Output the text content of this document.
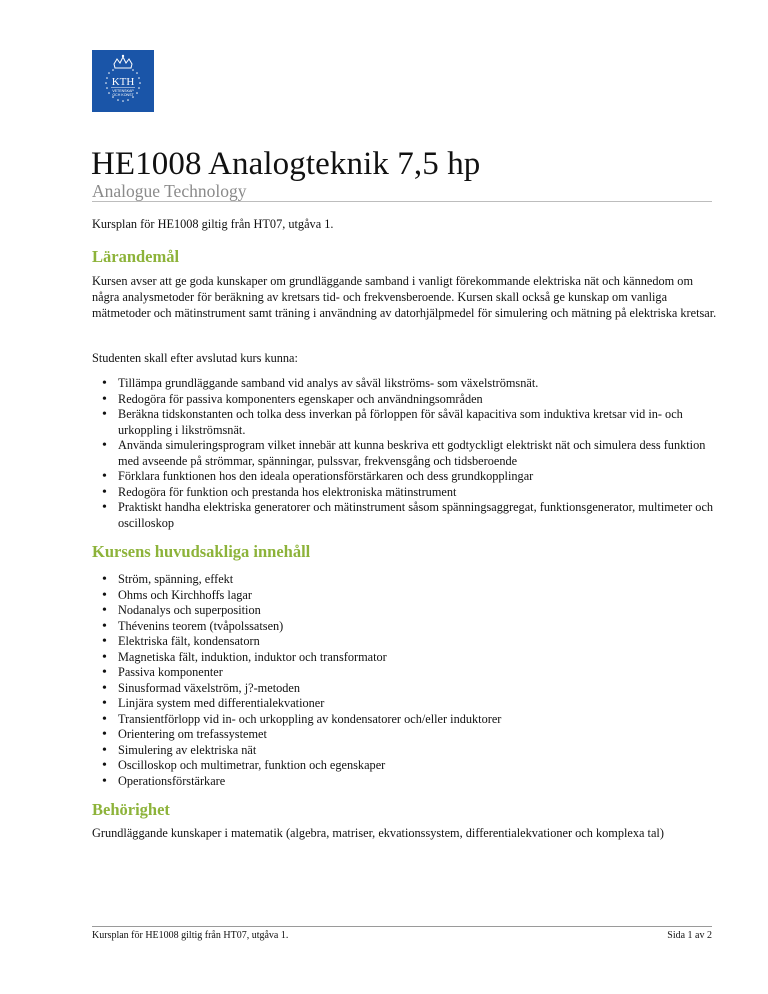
KTH
VETENSKAP
OCH KONST
HE1008 Analogteknik 7,5 hp
Analogue Technology

Kursplan för HE1008 giltig från HT07, utgåva 1.

Lärandemål

Kursen avser att ge goda kunskaper om grundläggande samband i vanligt förekommande elektriska nät och kännedom om några analysmetoder för beräkning av kretsars tid- och frekvensberoende. Kursen skall också ge kunskap om vanliga mätmetoder och mätinstrument samt träning i användning av datorhjälpmedel för simulering och mätning på elektriska kretsar.

Studenten skall efter avslutad kurs kunna:

• Tillämpa grundläggande samband vid analys av såväl likströms- som växelströmsnät.
• Redogöra för passiva komponenters egenskaper och användningsområden
• Beräkna tidskonstanten och tolka dess inverkan på förloppen för såväl kapacitiva som induktiva kretsar vid in- och urkoppling i likströmsnät.
• Använda simuleringsprogram vilket innebär att kunna beskriva ett godtyckligt elektriskt nät och simulera dess funktion med avseende på strömmar, spänningar, pulssvar, frekvensgång och tidsberoende
• Förklara funktionen hos den ideala operationsförstärkaren och dess grundkopplingar
• Redogöra för funktion och prestanda hos elektroniska mätinstrument
• Praktiskt handha elektriska generatorer och mätinstrument såsom spänningsaggregat, funktionsgenerator, multimeter och oscilloskop
Kursens huvudsakliga innehåll
• Ström, spänning, effekt
• Ohms och Kirchhoffs lagar
• Nodanalys och superposition
• Thévenins teorem (tvåpolssatsen)
• Elektriska fält, kondensatorn
• Magnetiska fält, induktion, induktor och transformator
• Passiva komponenter
• Sinusformad växelström, j?-metoden
• Linjära system med differentialekvationer
• Transientförlopp vid in- och urkoppling av kondensatorer och/eller induktorer
• Orientering om trefassystemet
• Simulering av elektriska nät
• Oscilloskop och multimetrar, funktion och egenskaper
• Operationsförstärkare
Behörighet

Grundläggande kunskaper i matematik (algebra, matriser, ekvationssystem, differentialekvationer och komplexa tal)

Kursplan för HE1008 giltig från HT07, utgåva 1.	Sida 1 av 2
